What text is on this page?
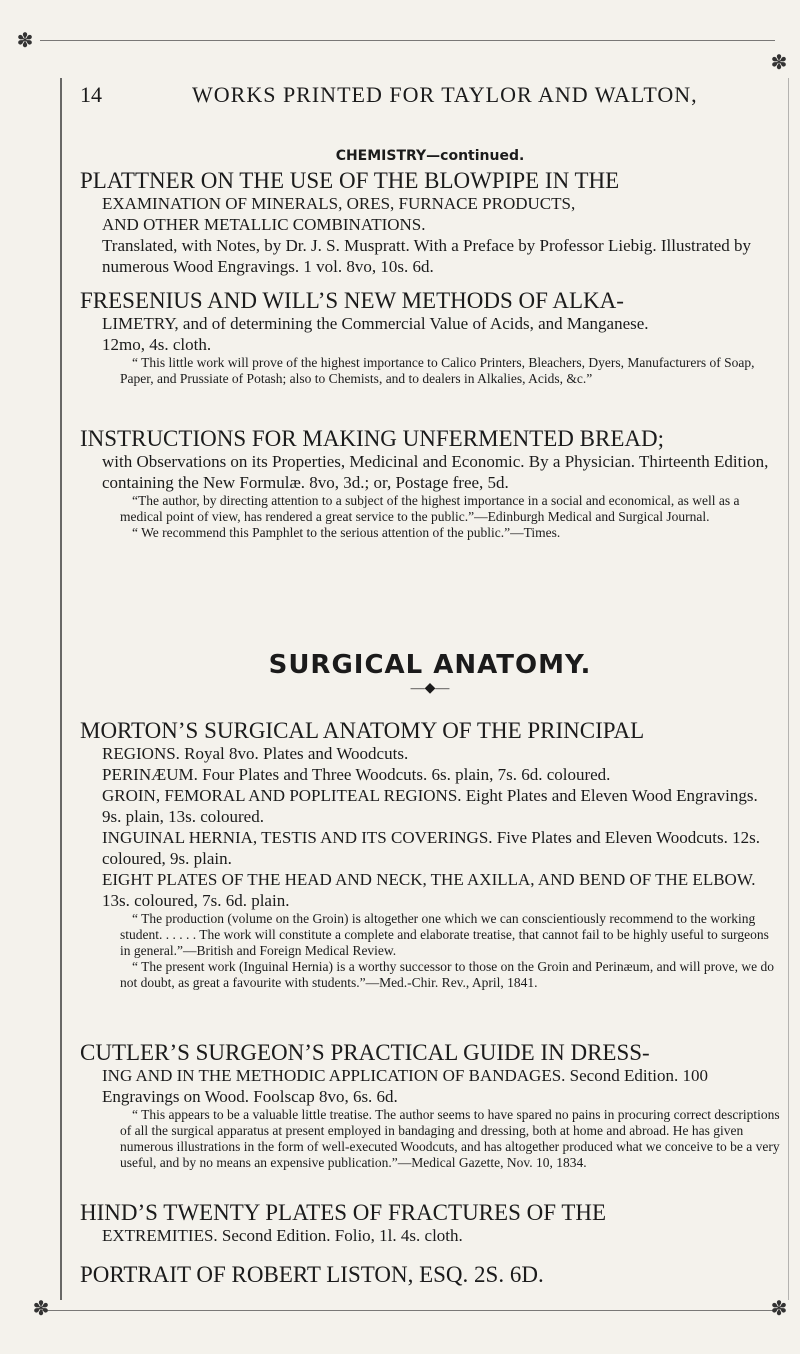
✽
✽
✽	✽
14	WORKS PRINTED FOR TAYLOR AND WALTON,

CHEMISTRY—continued.

PLATTNER ON THE USE OF THE BLOWPIPE IN THE

EXAMINATION OF MINERALS, ORES, FURNACE PRODUCTS,

AND OTHER METALLIC COMBINATIONS.

Translated, with Notes, by Dr. J. S. Muspratt. With a Preface by Professor Liebig. Illustrated by numerous Wood Engravings. 1 vol. 8vo, 10s. 6d.

FRESENIUS AND WILL’S NEW METHODS OF ALKA-

LIMETRY, and of determining the Commercial Value of Acids, and Manganese.

12mo, 4s. cloth.

“ This little work will prove of the highest importance to Calico Printers, Bleachers, Dyers, Manufacturers of Soap, Paper, and Prussiate of Potash; also to Chemists, and to dealers in Alkalies, Acids, &c.”

INSTRUCTIONS FOR MAKING UNFERMENTED BREAD;

with Observations on its Properties, Medicinal and Economic. By a Physician. Thirteenth Edition, containing the New Formulæ. 8vo, 3d.; or, Postage free, 5d.

“The author, by directing attention to a subject of the highest importance in a social and economical, as well as a medical point of view, has rendered a great service to the public.”—Edinburgh Medical and Surgical Journal.

“ We recommend this Pamphlet to the serious attention of the public.”—Times.

SURGICAL ANATOMY.

—◆—

MORTON’S SURGICAL ANATOMY OF THE PRINCIPAL

REGIONS. Royal 8vo. Plates and Woodcuts.

PERINÆUM. Four Plates and Three Woodcuts. 6s. plain, 7s. 6d. coloured.

GROIN, FEMORAL AND POPLITEAL REGIONS. Eight Plates and Eleven Wood Engravings. 9s. plain, 13s. coloured.

INGUINAL HERNIA, TESTIS AND ITS COVERINGS. Five Plates and Eleven Woodcuts. 12s. coloured, 9s. plain.

EIGHT PLATES OF THE HEAD AND NECK, THE AXILLA, AND BEND OF THE ELBOW. 13s. coloured, 7s. 6d. plain.

“ The production (volume on the Groin) is altogether one which we can conscientiously recommend to the working student. . . . . . The work will constitute a complete and elaborate treatise, that cannot fail to be highly useful to surgeons in general.”—British and Foreign Medical Review.

“ The present work (Inguinal Hernia) is a worthy successor to those on the Groin and Perinæum, and will prove, we do not doubt, as great a favourite with students.”—Med.-Chir. Rev., April, 1841.

CUTLER’S SURGEON’S PRACTICAL GUIDE IN DRESS-

ING AND IN THE METHODIC APPLICATION OF BANDAGES. Second Edition. 100 Engravings on Wood. Foolscap 8vo, 6s. 6d.

“ This appears to be a valuable little treatise. The author seems to have spared no pains in procuring correct descriptions of all the surgical apparatus at present employed in bandaging and dressing, both at home and abroad. He has given numerous illustrations in the form of well-executed Woodcuts, and has altogether produced what we conceive to be a very useful, and by no means an expensive publication.”—Medical Gazette, Nov. 10, 1834.

HIND’S TWENTY PLATES OF FRACTURES OF THE

EXTREMITIES. Second Edition. Folio, 1l. 4s. cloth.

PORTRAIT OF ROBERT LISTON, ESQ. 2S. 6D.
